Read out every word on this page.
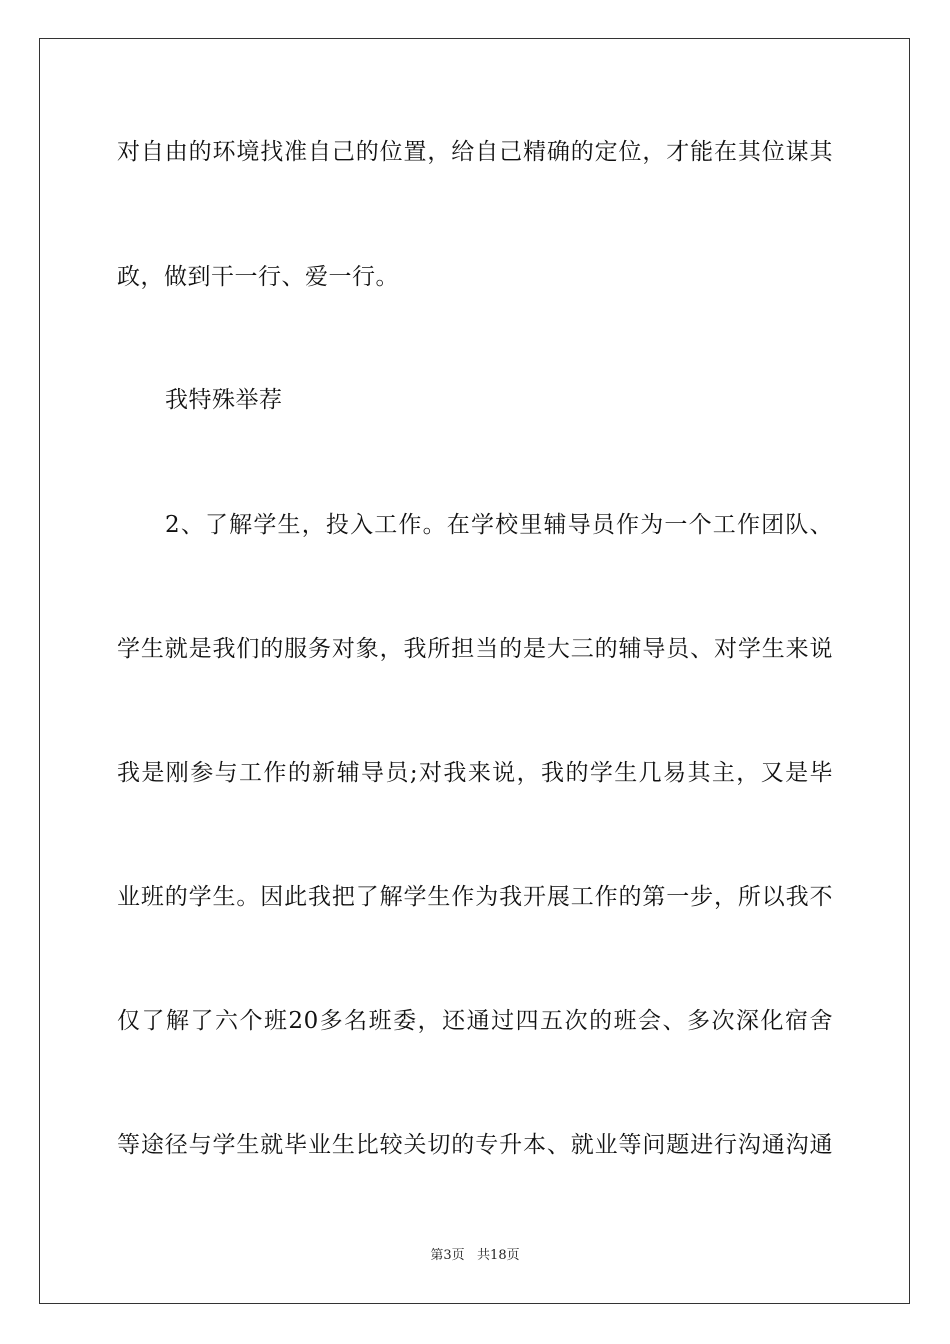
对自由的环境找准自己的位置，给自己精确的定位，才能在其位谋其
政，做到干一行、爱一行。
我特殊举荐
2、了解学生，投入工作。在学校里辅导员作为一个工作团队、
学生就是我们的服务对象，我所担当的是大三的辅导员、对学生来说
我是刚参与工作的新辅导员;对我来说，我的学生几易其主，又是毕
业班的学生。因此我把了解学生作为我开展工作的第一步，所以我不
仅了解了六个班20多名班委，还通过四五次的班会、多次深化宿舍
等途径与学生就毕业生比较关切的专升本、就业等问题进行沟通沟通
第3页   共18页
